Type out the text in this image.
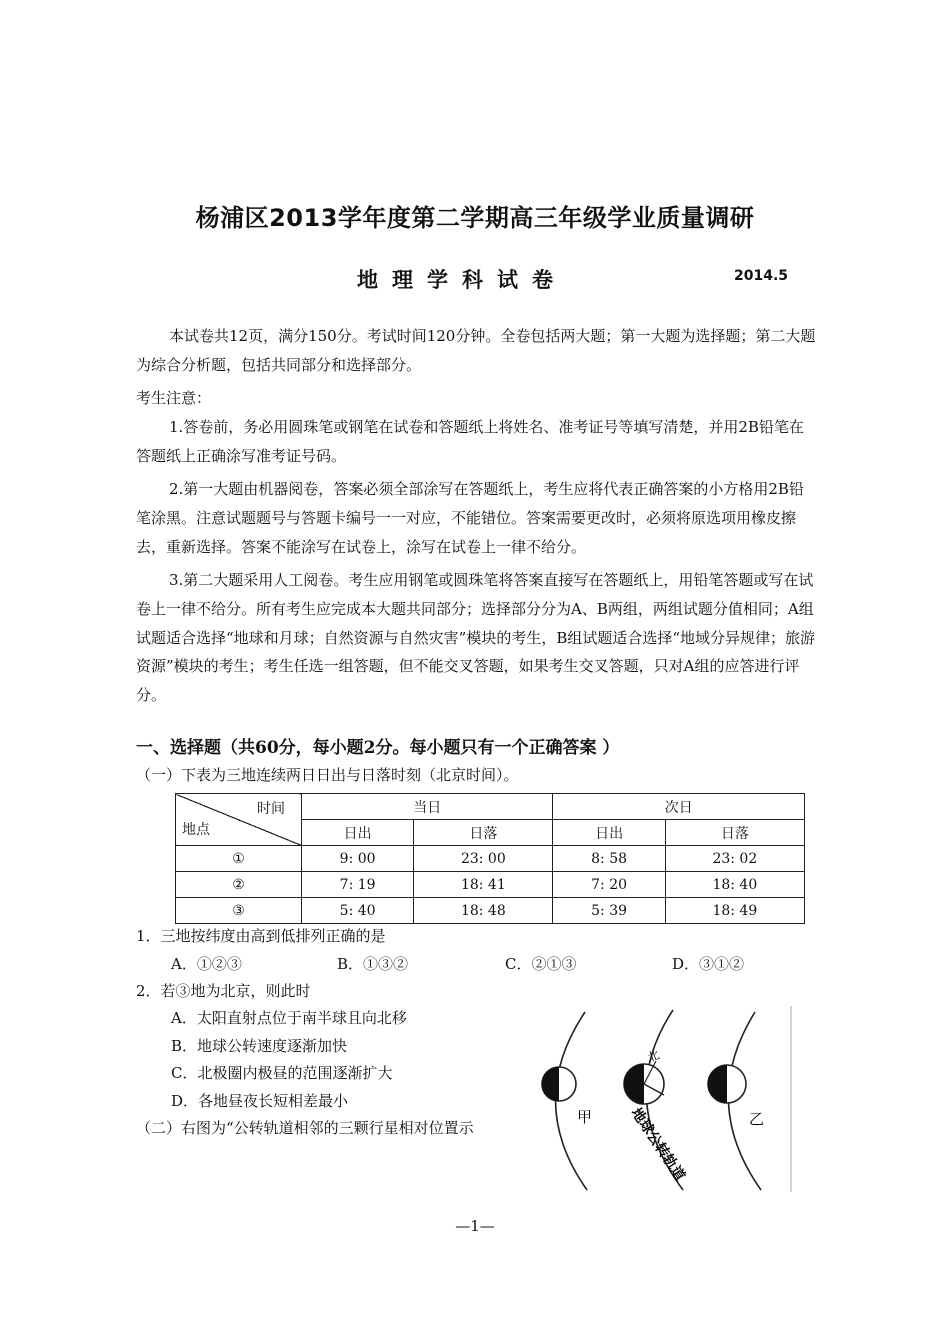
杨浦区2013学年度第二学期高三年级学业质量调研
地理学科试卷	2014.5
本试卷共12页，满分150分。考试时间120分钟。全卷包括两大题；第一大题为选择题；第二大题为综合分析题，包括共同部分和选择部分。
考生注意：
1.答卷前，务必用圆珠笔或钢笔在试卷和答题纸上将姓名、准考证号等填写清楚，并用2B铅笔在答题纸上正确涂写准考证号码。
2.第一大题由机器阅卷，答案必须全部涂写在答题纸上，考生应将代表正确答案的小方格用2B铅笔涂黑。注意试题题号与答题卡编号一一对应，不能错位。答案需要更改时，必须将原选项用橡皮擦去，重新选择。答案不能涂写在试卷上，涂写在试卷上一律不给分。
3.第二大题采用人工阅卷。考生应用钢笔或圆珠笔将答案直接写在答题纸上，用铅笔答题或写在试卷上一律不给分。所有考生应完成本大题共同部分；选择部分分为A、B两组，两组试题分值相同；A组试题适合选择“地球和月球；自然资源与自然灾害”模块的考生，B组试题适合选择“地域分异规律；旅游资源”模块的考生；考生任选一组答题，但不能交叉答题，如果考生交叉答题，只对A组的应答进行评分。
一、选择题（共60分，每小题2分。每小题只有一个正确答案 ）
（一）下表为三地连续两日日出与日落时刻（北京时间）。
时间
地点	当日		次日	
	日出	日落	日出	日落
①	9: 00	23: 00	8: 58	23: 02
②	7: 19	18: 41	7: 20	18: 40
③	5: 40	18: 48	5: 39	18: 49
1．三地按纬度由高到低排列正确的是
A．①②③	B．①③②	C．②①③	D．③①②
2．若③地为北京，则此时
A．太阳直射点位于南半球且向北移
B．地球公转速度逐渐加快
C．北极圈内极昼的范围逐渐扩大
D．各地昼夜长短相差最小
（二）右图为“公转轨道相邻的三颗行星相对位置示
甲	乙
北
地球公转轨道
—1—
